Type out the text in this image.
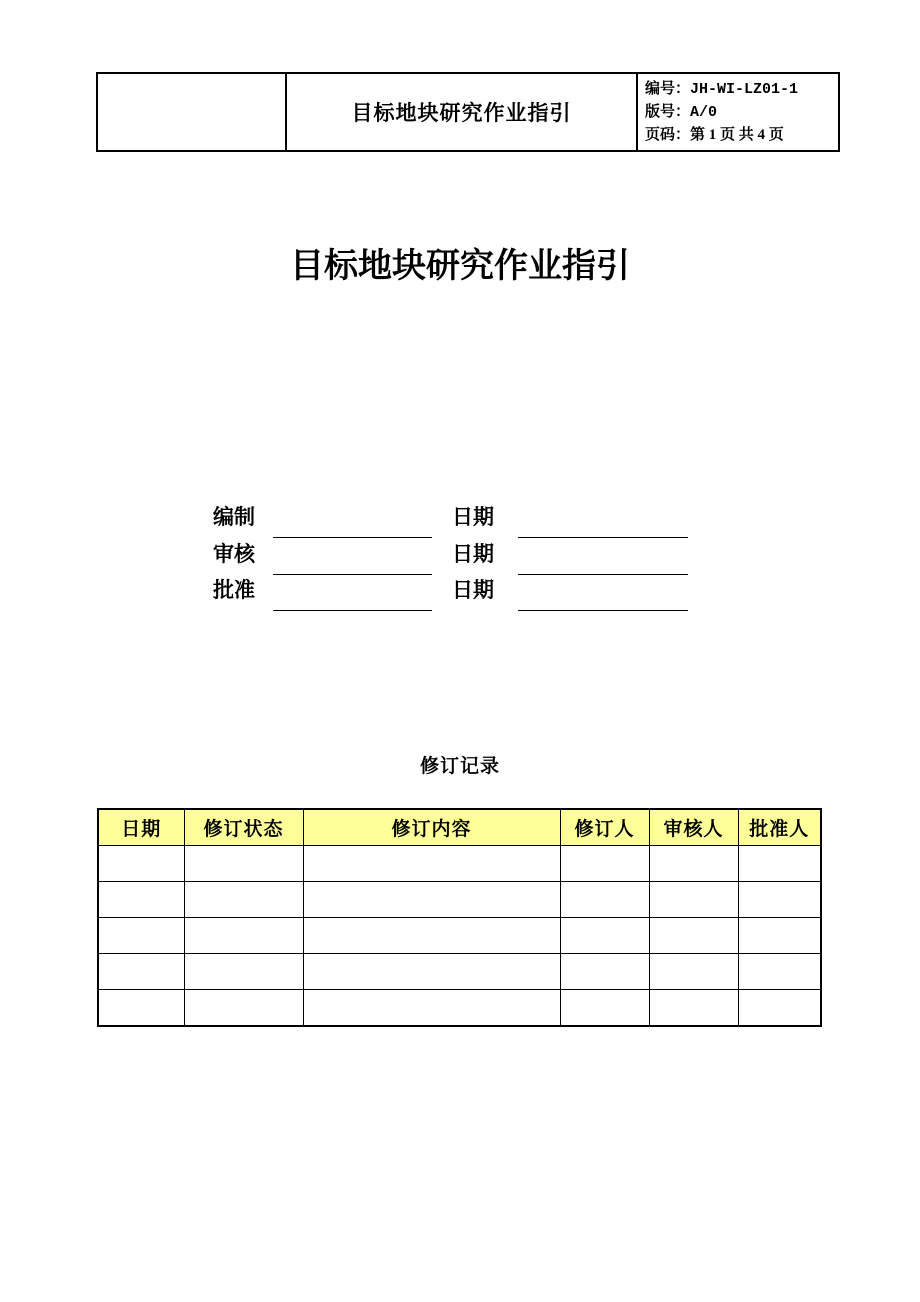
	目标地块研究作业指引	
编号：JH-WI-LZ01-1
版号：A/0
页码：第 1 页 共 4 页
目标地块研究作业指引
编制	日期
审核	日期
批准	日期
修订记录
日期	修订状态	修订内容	修订人	审核人	批准人
